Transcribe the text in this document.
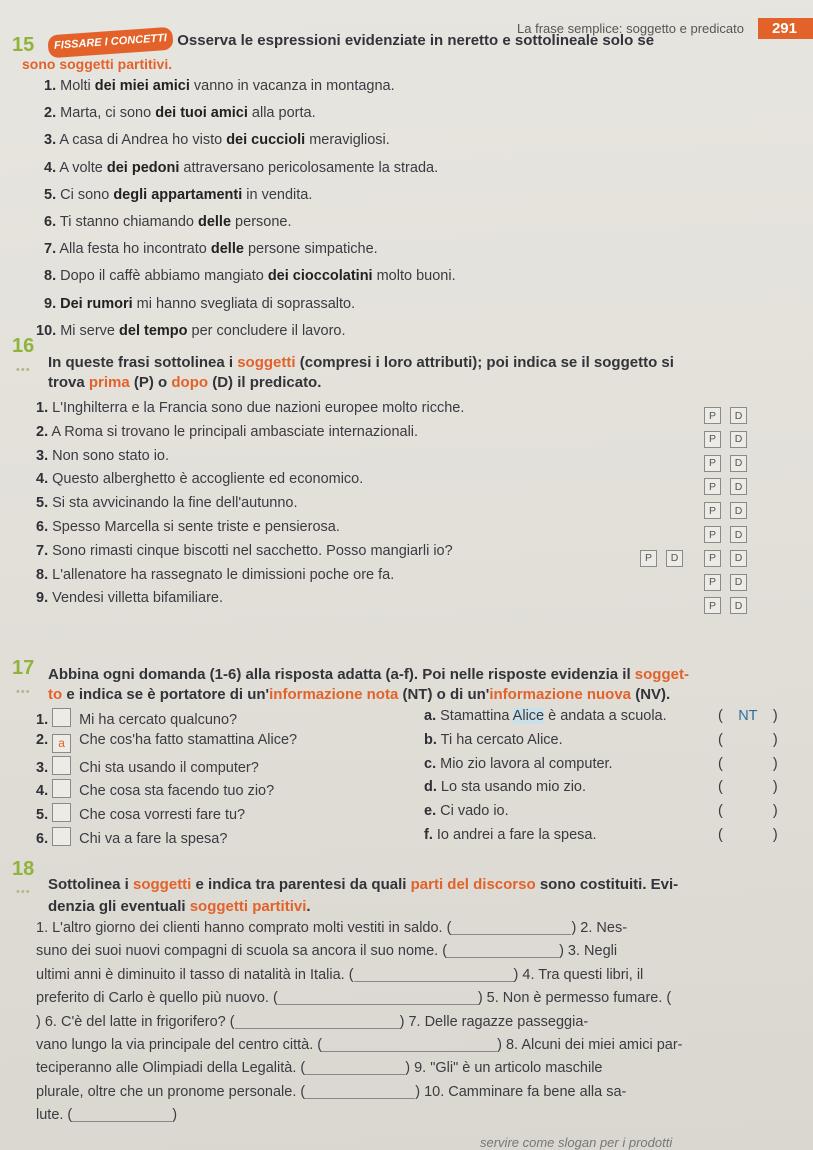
La frase semplice: soggetto e predicato	291
15	FISSARE I CONCETTI Osserva le espressioni evidenziate in neretto e sottolineale solo se
sono soggetti partitivi.
1. Molti dei miei amici vanno in vacanza in montagna.
2. Marta, ci sono dei tuoi amici alla porta.
3. A casa di Andrea ho visto dei cuccioli meravigliosi.
4. A volte dei pedoni attraversano pericolosamente la strada.
5. Ci sono degli appartamenti in vendita.
6. Ti stanno chiamando delle persone.
7. Alla festa ho incontrato delle persone simpatiche.
8. Dopo il caffè abbiamo mangiato dei cioccolatini molto buoni.
9. Dei rumori mi hanno svegliata di soprassalto.
10. Mi serve del tempo per concludere il lavoro.
16
••• In queste frasi sottolinea i soggetti (compresi i loro attributi); poi indica se il soggetto si
trova prima (P) o dopo (D) il predicato.
1. L'Inghilterra e la Francia sono due nazioni europee molto ricche.	P	D
2. A Roma si trovano le principali ambasciate internazionali.	P	D
3. Non sono stato io.	P	D
4. Questo alberghetto è accogliente ed economico.	P	D
5. Si sta avvicinando la fine dell'autunno.	P	D
6. Spesso Marcella si sente triste e pensierosa.	P	D
7. Sono rimasti cinque biscotti nel sacchetto. Posso mangiarli io?	P	D	P	D
8. L'allenatore ha rassegnato le dimissioni poche ore fa.	P	D
9. Vendesi villetta bifamiliare.	P	D
17
•••
Abbina ogni domanda (1-6) alla risposta adatta (a-f). Poi nelle risposte evidenzia il sogget-
to e indica se è portatore di un'informazione nota (NT) o di un'informazione nuova (NV).
1. Mi ha cercato qualcuno?	a. Stamattina Alice è andata a scuola.	( NT )
2. a Che cos'ha fatto stamattina Alice?	b. Ti ha cercato Alice.	(	)
3. Chi sta usando il computer?	c. Mio zio lavora al computer.	(	)
4. Che cosa sta facendo tuo zio?	d. Lo sta usando mio zio.	(	)
5. Che cosa vorresti fare tu?	e. Ci vado io.	(	)
6. Chi va a fare la spesa?	f. Io andrei a fare la spesa.	(	)
18
••• Sottolinea i soggetti e indica tra parentesi da quali parti del discorso sono costituiti. Evi-
denzia gli eventuali soggetti partitivi.
1. L'altro giorno dei clienti hanno comprato molti vestiti in saldo. (	) 2. Nes-
suno dei suoi nuovi compagni di scuola sa ancora il suo nome. (	) 3. Negli
ultimi anni è diminuito il tasso di natalità in Italia. (	) 4. Tra questi libri, il
preferito di Carlo è quello più nuovo. (	) 5. Non è permesso fumare. (
) 6. C'è del latte in frigorifero? (	) 7. Delle ragazze passeggia-
vano lungo la via principale del centro città. (	) 8. Alcuni dei miei amici par-
teciperanno alle Olimpiadi della Legalità. (	) 9. "Gli" è un articolo maschile
plurale, oltre che un pronome personale. (	) 10. Camminare fa bene alla sa-
lute. (	)
servire come slogan per i prodotti
